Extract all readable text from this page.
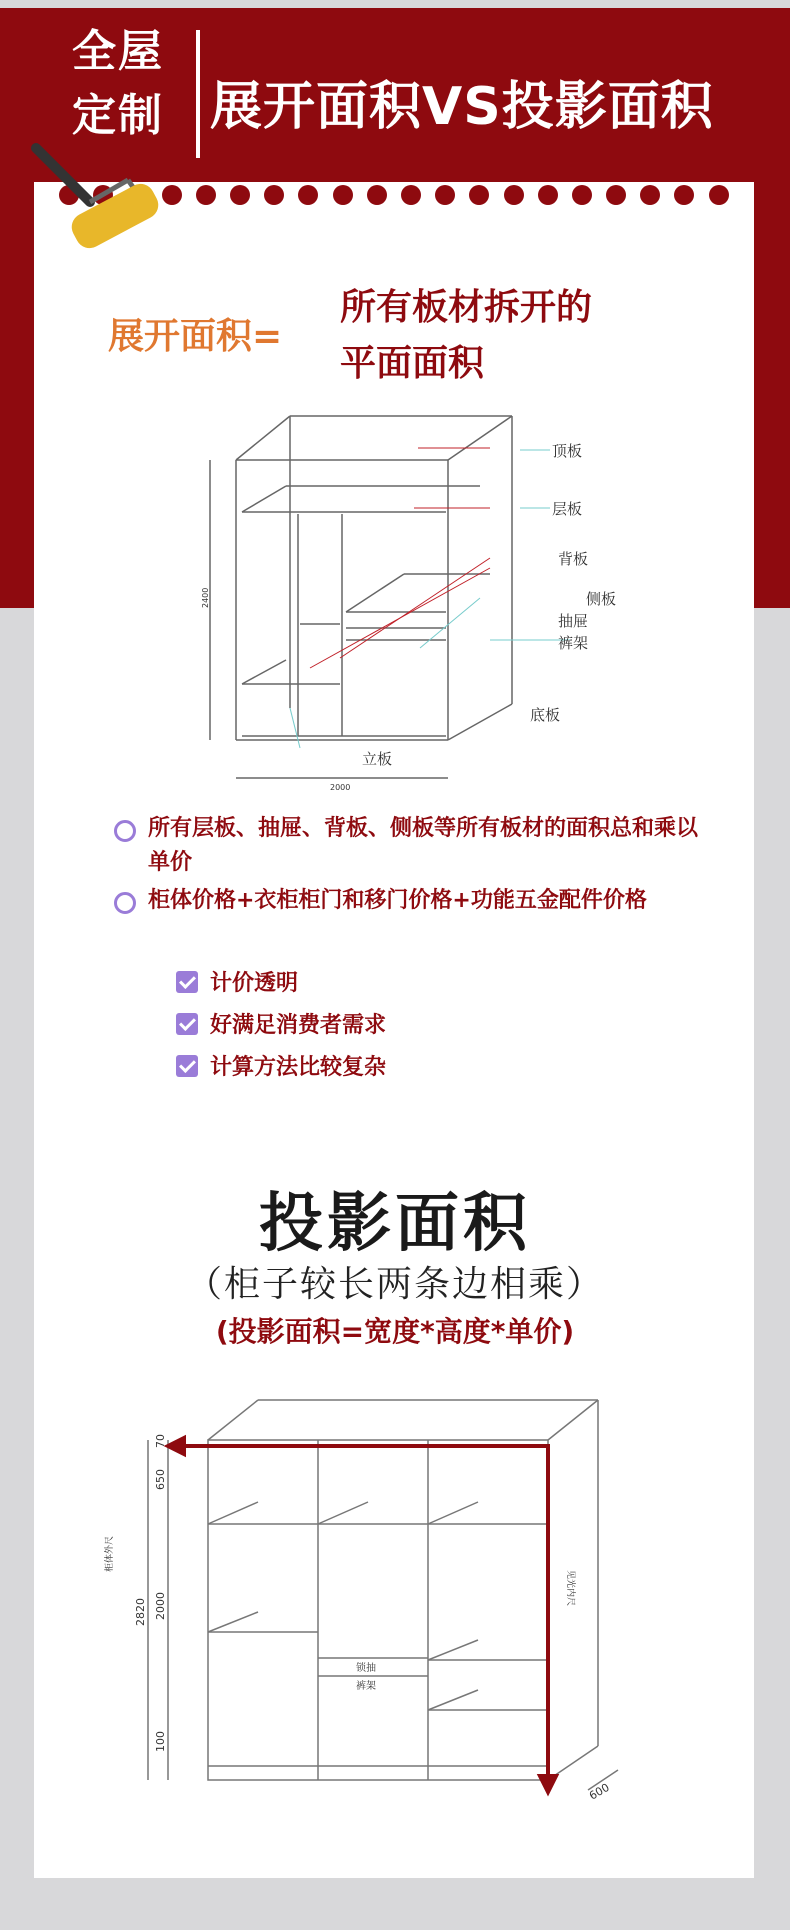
全屋
定制 展开面积VS投影面积
展开面积=
所有板材拆开的
平面面积
顶板
层板
背板
侧板
抽屉
裤架
底板
立板
2000
2400
所有层板、抽屉、背板、侧板等所有板材的面积总和乘以单价
柜体价格+衣柜柜门和移门价格+功能五金配件价格
计价透明
好满足消费者需求
计算方法比较复杂
投影面积
（柜子较长两条边相乘）
(投影面积=宽度*高度*单价)
70
650
2000
100
2820
柜体外尺
见光内尺
锁抽
裤架
600
